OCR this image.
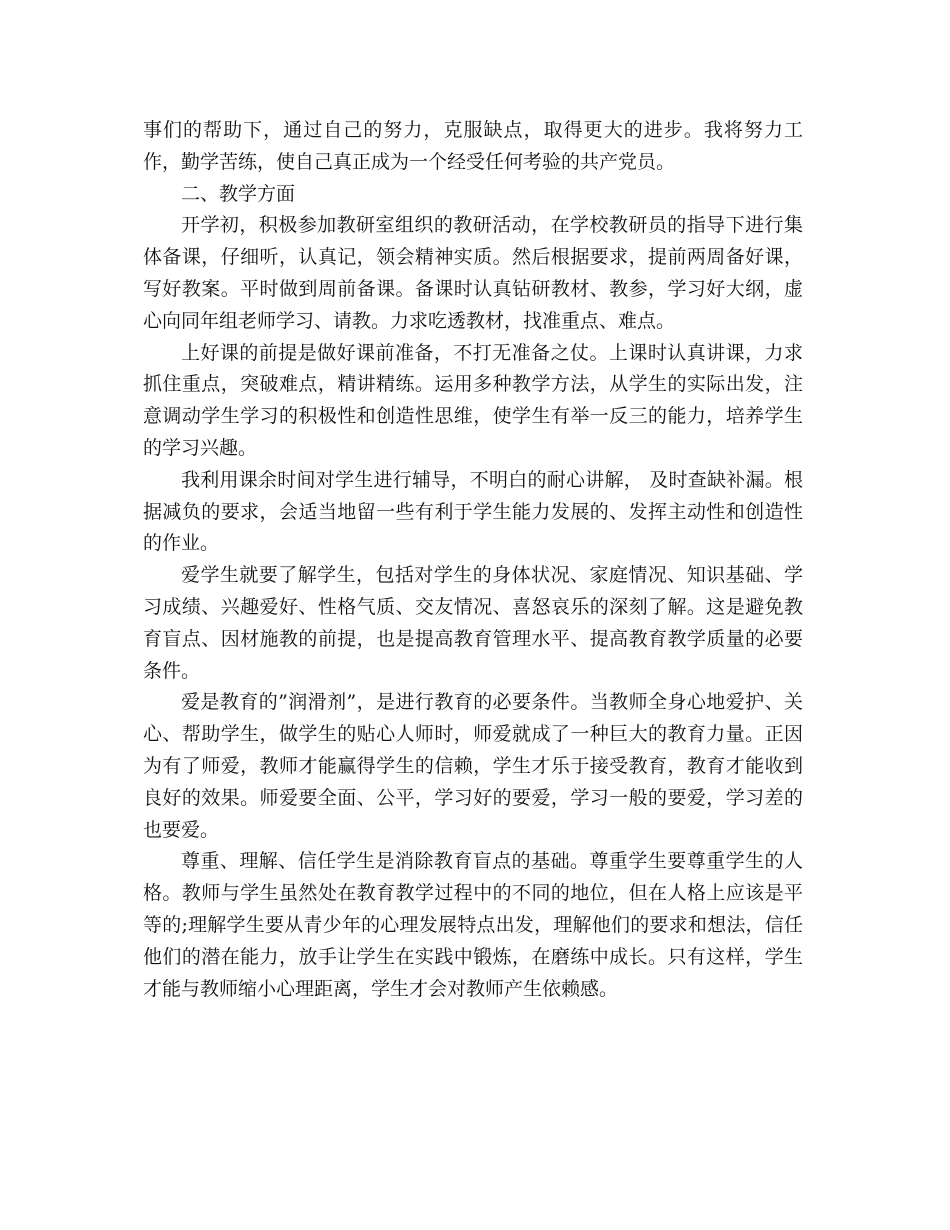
事们的帮助下，通过自己的努力，克服缺点，取得更大的进步。我将努力工作，勤学苦练，使自己真正成为一个经受任何考验的共产党员。

二、教学方面

开学初，积极参加教研室组织的教研活动，在学校教研员的指导下进行集体备课，仔细听，认真记，领会精神实质。然后根据要求，提前两周备好课，写好教案。平时做到周前备课。备课时认真钻研教材、教参，学习好大纲，虚心向同年组老师学习、请教。力求吃透教材，找准重点、难点。

上好课的前提是做好课前准备，不打无准备之仗。上课时认真讲课，力求抓住重点，突破难点，精讲精练。运用多种教学方法，从学生的实际出发，注意调动学生学习的积极性和创造性思维，使学生有举一反三的能力，培养学生的学习兴趣。

我利用课余时间对学生进行辅导，不明白的耐心讲解， 及时查缺补漏。根据减负的要求，会适当地留一些有利于学生能力发展的、发挥主动性和创造性的作业。

爱学生就要了解学生，包括对学生的身体状况、家庭情况、知识基础、学习成绩、兴趣爱好、性格气质、交友情况、喜怒哀乐的深刻了解。这是避免教育盲点、因材施教的前提，也是提高教育管理水平、提高教育教学质量的必要条件。

爱是教育的”润滑剂”，是进行教育的必要条件。当教师全身心地爱护、关心、帮助学生，做学生的贴心人师时，师爱就成了一种巨大的教育力量。正因为有了师爱，教师才能赢得学生的信赖，学生才乐于接受教育，教育才能收到良好的效果。师爱要全面、公平，学习好的要爱，学习一般的要爱，学习差的也要爱。

尊重、理解、信任学生是消除教育盲点的基础。尊重学生要尊重学生的人格。教师与学生虽然处在教育教学过程中的不同的地位，但在人格上应该是平等的;理解学生要从青少年的心理发展特点出发，理解他们的要求和想法，信任他们的潜在能力，放手让学生在实践中锻炼，在磨练中成长。只有这样，学生才能与教师缩小心理距离，学生才会对教师产生依赖感。
